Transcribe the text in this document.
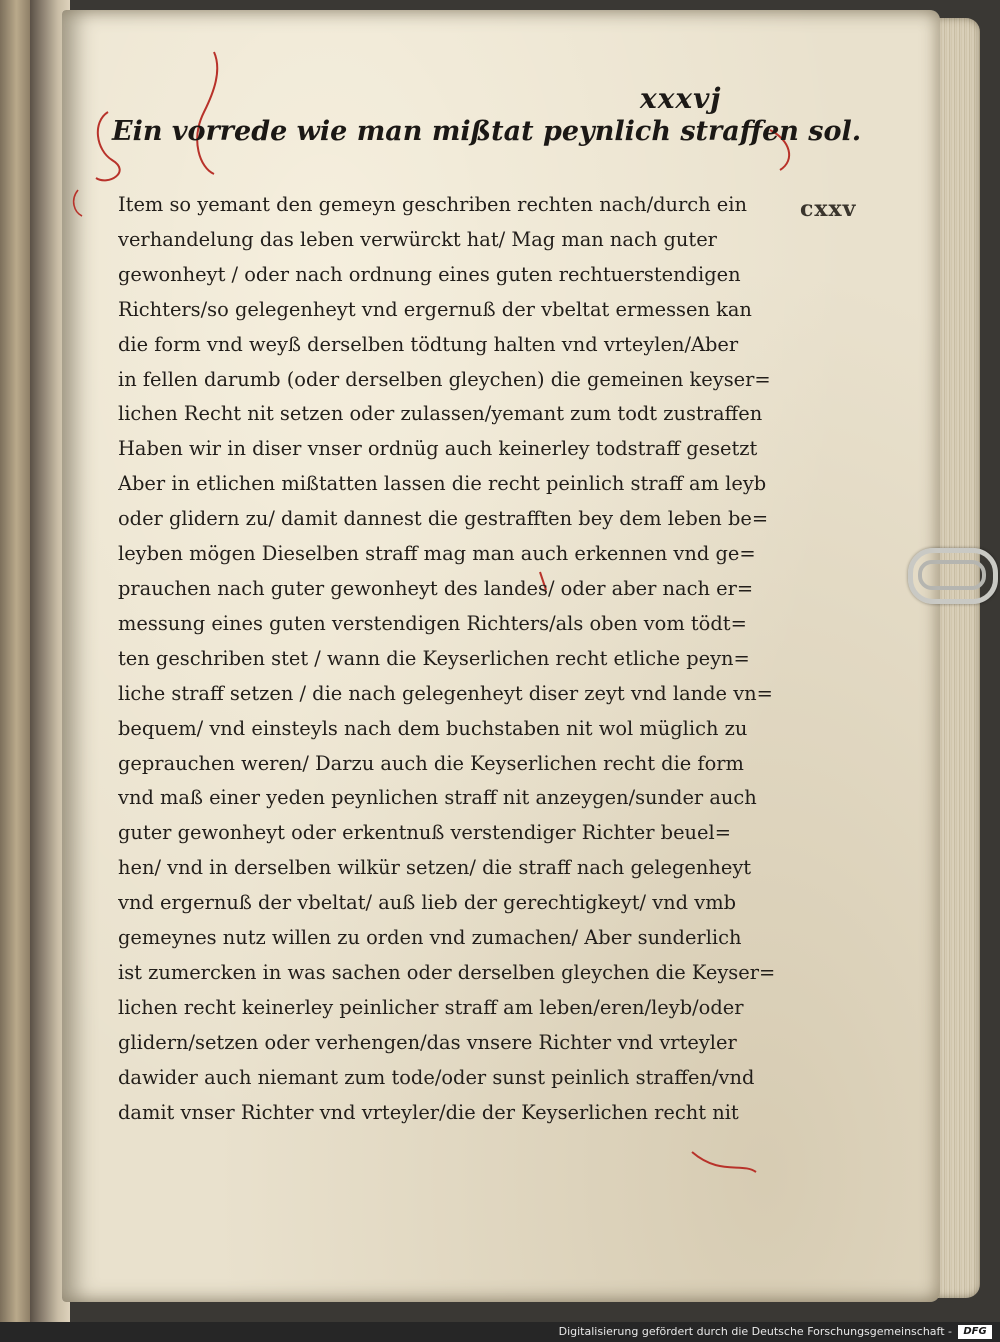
xxxvj
cxxv
Ein vorrede wie man mißtat peynlich straffen sol.
Item so yemant den gemeyn geschriben rechten nach/durch ein
verhandelung das leben verwürckt hat/ Mag man nach guter
gewonheyt / oder nach ordnung eines guten rechtuerstendigen
Richters/so gelegenheyt vnd ergernuß der vbeltat ermessen kan
die form vnd weyß derselben tödtung halten vnd vrteylen/Aber
in fellen darumb (oder derselben gleychen) die gemeinen keyser=
lichen Recht nit setzen oder zulassen/yemant zum todt zustraffen
Haben wir in diser vnser ordnüg auch keinerley todstraff gesetzt
Aber in etlichen mißtatten lassen die recht peinlich straff am leyb
oder glidern zu/ damit dannest die gestrafften bey dem leben be=
leyben mögen Dieselben straff mag man auch erkennen vnd ge=
prauchen nach guter gewonheyt des landes/ oder aber nach er=
messung eines guten verstendigen Richters/als oben vom tödt=
ten geschriben stet / wann die Keyserlichen recht etliche peyn=
liche straff setzen / die nach gelegenheyt diser zeyt vnd lande vn=
bequem/ vnd einsteyls nach dem buchstaben nit wol müglich zu
geprauchen weren/ Darzu auch die Keyserlichen recht die form
vnd maß einer yeden peynlichen straff nit anzeygen/sunder auch
guter gewonheyt oder erkentnuß verstendiger Richter beuel=
hen/ vnd in derselben wilkür setzen/ die straff nach gelegenheyt
vnd ergernuß der vbeltat/ auß lieb der gerechtigkeyt/ vnd vmb
gemeynes nutz willen zu orden vnd zumachen/ Aber sunderlich
ist zumercken in was sachen oder derselben gleychen die Keyser=
lichen recht keinerley peinlicher straff am leben/eren/leyb/oder
glidern/setzen oder verhengen/das vnsere Richter vnd vrteyler
dawider auch niemant zum tode/oder sunst peinlich straffen/vnd
damit vnser Richter vnd vrteyler/die der Keyserlichen recht nit
Digitalisierung gefördert durch die Deutsche Forschungsgemeinschaft -	DFG
